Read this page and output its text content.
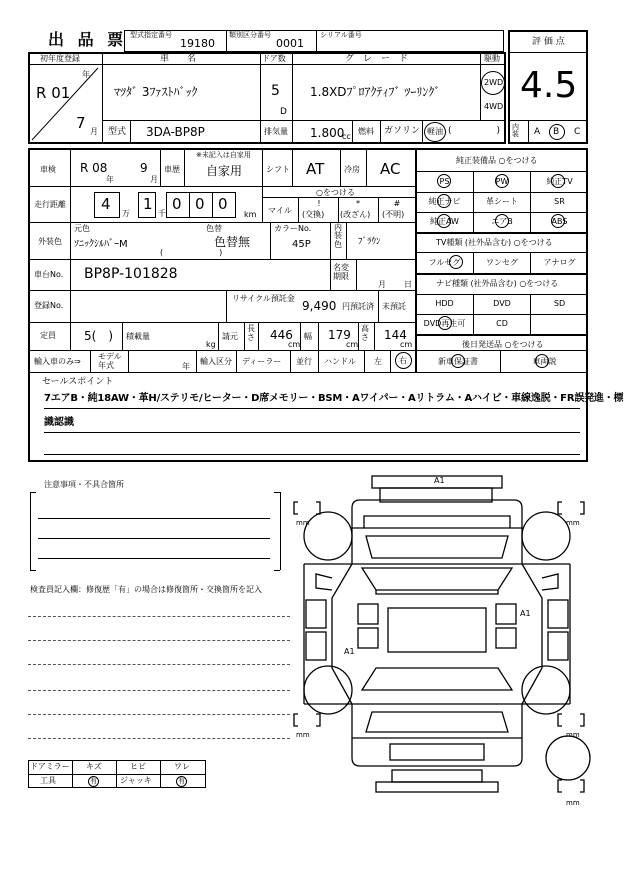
出 品 票 型式指定番号
19180
類別区分番号
0001
シリアル番号
初年度登録
年
R 01
7 月
車　　名
ﾏﾂﾀﾞ 3ﾌｧｽﾄﾊﾞｯｸ
ドア数
5
D
グ　レ　ー　ド
1.8XDﾌﾟﾛｱｸﾃｨﾌﾞ ﾂｰﾘﾝｸﾞ
駆動
2WD
4WD
型式 3DA-BP8P	排気量 1.800
cc
燃料 ガソリン 軽油 (　　　　　)
評 価 点
4.5
内装	A B C
車検 R 08
年
9
月
車歴
※未記入は自家用
自家用	シフト AT 冷房 AC
走行距離 4
万
1
千
0 0 0
km
○をつける
マイル
!
(交換)
*
(改ざん)
#
(不明)
外装色
元色
ｿﾆｯｸｼﾙﾊﾞｰM
色替
色替無
(　　　　　　　)
カラーNo.
45P
内装色 ﾌﾞﾗｳﾝ
車台No. BP8P-101828	名変期限
月 日
登録No.
リサイクル預託金
9,490 円預託済 未預託
定員 5(　) 積載量
kg
請元
長さ 446
cm
幅 179
cm
高さ 144
cm
輸入車のみ⇒
モデル年式	年
輸入区分 ディーラー 並行 ハンドル 左 右
純正装備品 ○をつける
PS	PW	純正TV
純正ナビ	革シート	SR
純正AW	エアB	ABS
TV種類 (社外品含む) ○をつける
フルセグ	ワンセグ	アナログ
ナビ種類 (社外品含む) ○をつける
HDD	DVD	SD
DVD再生可	CD
後日発送品 ○をつける
新車保証書	車両説
セールスポイント
7エアB・純18AW・革H/ステリモ/ヒーター・D席メモリー・BSM・Aワイパー・Aリトラム・Aハイビ・車線逸脱・FR誤発進・標
識認識
注意事項・不具合箇所
検査員記入欄：修復歴「有」の場合は修復箇所・交換箇所を記入
ドアミラー キズ	ヒビ	ワレ
工具	有	ジャッキ	有
A1
A1
A1
mm	mm
mm	mm
mm
